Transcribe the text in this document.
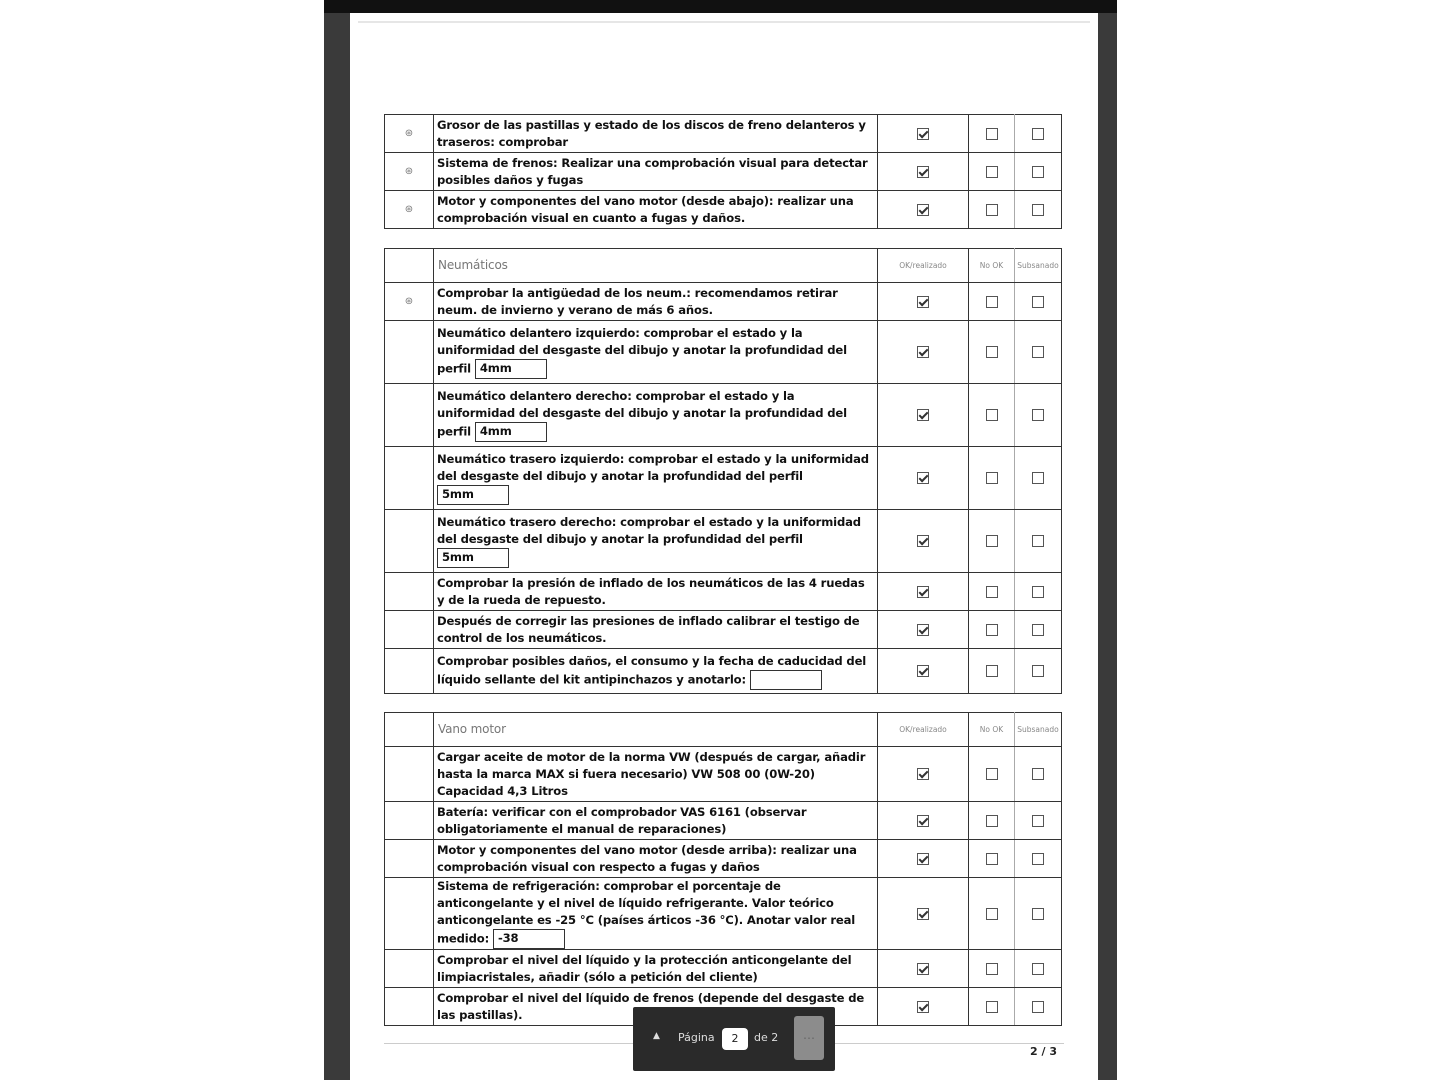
⊛	Grosor de las pastillas y estado de los discos de freno delanteros y traseros: comprobar			
⊛	Sistema de frenos: Realizar una comprobación visual para detectar posibles daños y fugas			
⊛	Motor y componentes del vano motor (desde abajo): realizar una comprobación visual en cuanto a fugas y daños.			
	Neumáticos	OK/realizado	No OK	Subsanado
⊛	Comprobar la antigüedad de los neum.: recomendamos retirar neum. de invierno y verano de más 6 años.			
	Neumático delantero izquierdo: comprobar el estado y la uniformidad del desgaste del dibujo y anotar la profundidad del perfil 4mm			
	Neumático delantero derecho: comprobar el estado y la uniformidad del desgaste del dibujo y anotar la profundidad del perfil 4mm			
	Neumático trasero izquierdo: comprobar el estado y la uniformidad del desgaste del dibujo y anotar la profundidad del perfil 5mm			
	Neumático trasero derecho: comprobar el estado y la uniformidad del desgaste del dibujo y anotar la profundidad del perfil 5mm			
	Comprobar la presión de inflado de los neumáticos de las 4 ruedas y de la rueda de repuesto.			
	Después de corregir las presiones de inflado calibrar el testigo de control de los neumáticos.			
	Comprobar posibles daños, el consumo y la fecha de caducidad del líquido sellante del kit antipinchazos y anotarlo:			
	Vano motor	OK/realizado	No OK	Subsanado
	Cargar aceite de motor de la norma VW (después de cargar, añadir hasta la marca MAX si fuera necesario) VW 508 00 (0W-20) Capacidad 4,3 Litros			
	Batería: verificar con el comprobador VAS 6161 (observar obligatoriamente el manual de reparaciones)			
	Motor y componentes del vano motor (desde arriba): realizar una comprobación visual con respecto a fugas y daños			
	Sistema de refrigeración: comprobar el porcentaje de anticongelante y el nivel de líquido refrigerante. Valor teórico anticongelante es -25 °C (países árticos -36 °C). Anotar valor real medido: -38			
	Comprobar el nivel del líquido y la protección anticongelante del limpiacristales, añadir (sólo a petición del cliente)			
	Comprobar el nivel del líquido de frenos (depende del desgaste de las pastillas).			
2 / 3
▲ Página	2	de 2	⋯
